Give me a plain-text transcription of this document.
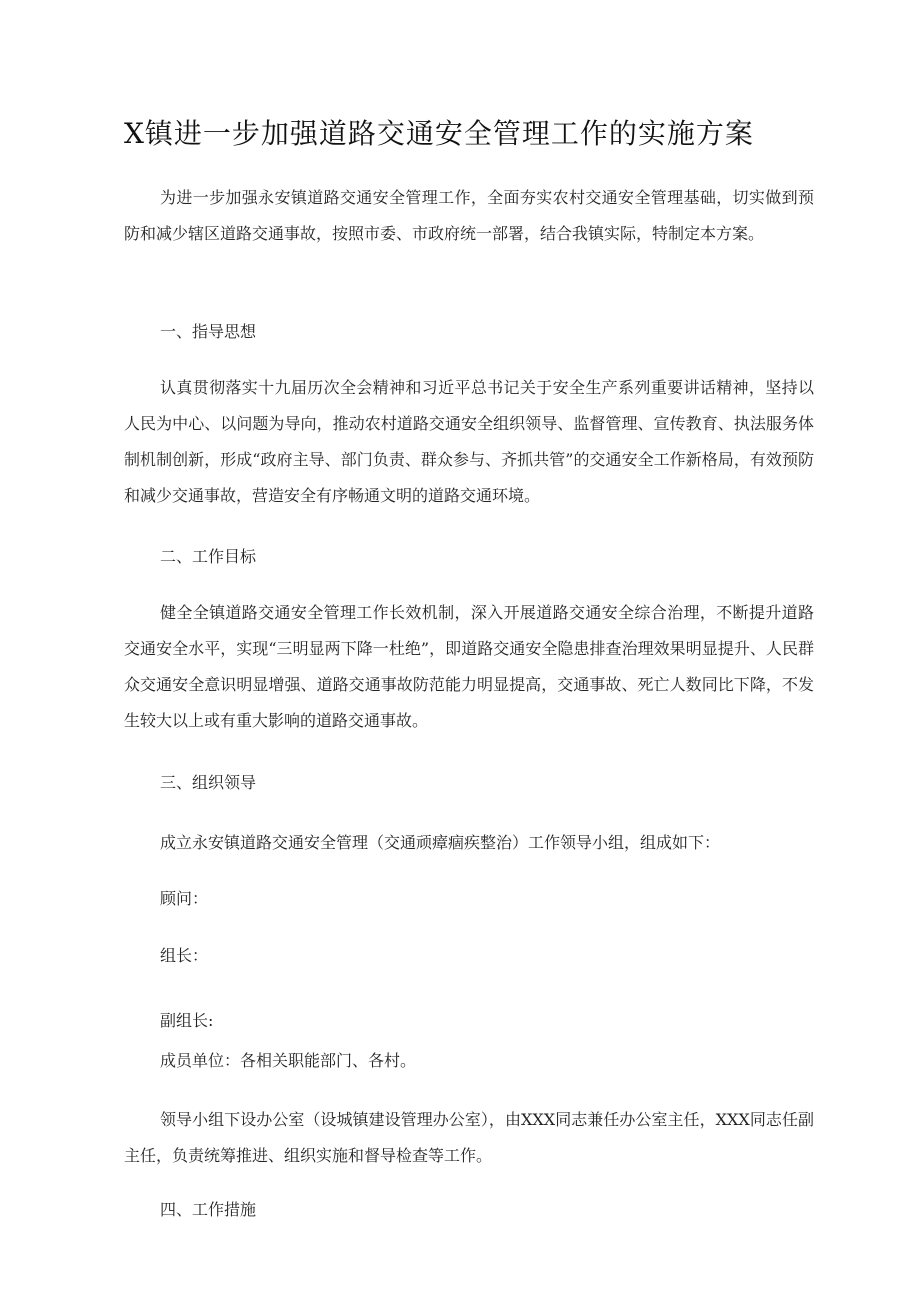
X镇进一步加强道路交通安全管理工作的实施方案
为进一步加强永安镇道路交通安全管理工作，全面夯实农村交通安全管理基础，切实做到预防和减少辖区道路交通事故，按照市委、市政府统一部署，结合我镇实际，特制定本方案。
一、指导思想
认真贯彻落实十九届历次全会精神和习近平总书记关于安全生产系列重要讲话精神，坚持以人民为中心、以问题为导向，推动农村道路交通安全组织领导、监督管理、宣传教育、执法服务体制机制创新，形成“政府主导、部门负责、群众参与、齐抓共管”的交通安全工作新格局，有效预防和减少交通事故，营造安全有序畅通文明的道路交通环境。
二、工作目标
健全全镇道路交通安全管理工作长效机制，深入开展道路交通安全综合治理，不断提升道路交通安全水平，实现“三明显两下降一杜绝”，即道路交通安全隐患排查治理效果明显提升、人民群众交通安全意识明显增强、道路交通事故防范能力明显提高，交通事故、死亡人数同比下降，不发生较大以上或有重大影响的道路交通事故。
三、组织领导
成立永安镇道路交通安全管理（交通顽瘴痼疾整治）工作领导小组，组成如下：
顾问：
组长：
副组长:
成员单位：各相关职能部门、各村。
领导小组下设办公室（设城镇建设管理办公室），由XXX同志兼任办公室主任，XXX同志任副主任，负责统筹推进、组织实施和督导检查等工作。
四、工作措施
